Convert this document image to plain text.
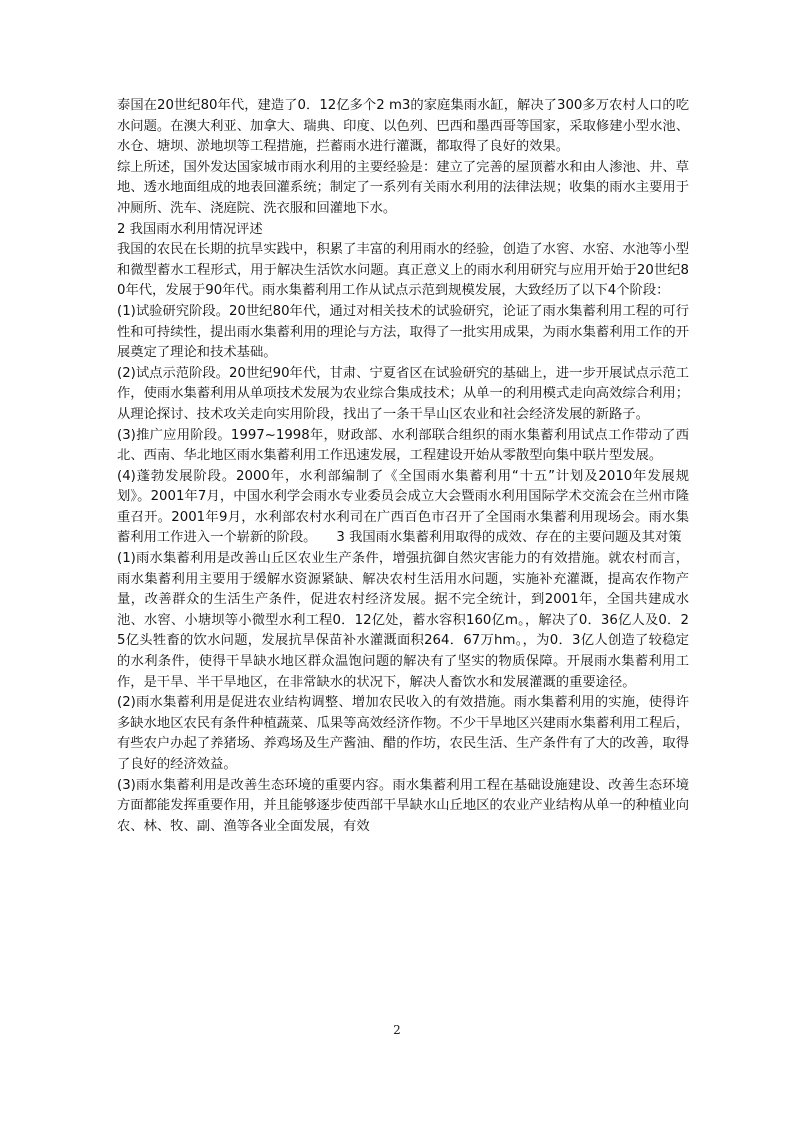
泰国在20世纪80年代，建造了0．12亿多个2 m3的家庭集雨水缸，解决了300多万农村人口的吃水问题。在澳大利亚、加拿大、瑞典、印度、以色列、巴西和墨西哥等国家，采取修建小型水池、水仓、塘坝、淤地坝等工程措施，拦蓄雨水进行灌溉，都取得了良好的效果。

综上所述，国外发达国家城市雨水利用的主要经验是：建立了完善的屋顶蓄水和由人渗池、井、草地、透水地面组成的地表回灌系统；制定了一系列有关雨水利用的法律法规；收集的雨水主要用于冲厕所、洗车、浇庭院、洗衣服和回灌地下水。

2 我国雨水利用情况评述

我国的农民在长期的抗旱实践中，积累了丰富的利用雨水的经验，创造了水窖、水窑、水池等小型和微型蓄水工程形式，用于解决生活饮水问题。真正意义上的雨水利用研究与应用开始于20世纪80年代，发展于90年代。雨水集蓄利用工作从试点示范到规模发展，大致经历了以下4个阶段：

(1)试验研究阶段。20世纪80年代，通过对相关技术的试验研究，论证了雨水集蓄利用工程的可行性和可持续性，提出雨水集蓄利用的理论与方法，取得了一批实用成果，为雨水集蓄利用工作的开展奠定了理论和技术基础。

(2)试点示范阶段。20世纪90年代，甘肃、宁夏省区在试验研究的基础上，进一步开展试点示范工作，使雨水集蓄利用从单项技术发展为农业综合集成技术；从单一的利用模式走向高效综合利用；从理论探讨、技术攻关走向实用阶段，找出了一条干旱山区农业和社会经济发展的新路子。

(3)推广应用阶段。1997~1998年，财政部、水利部联合组织的雨水集蓄利用试点工作带动了西北、西南、华北地区雨水集蓄利用工作迅速发展，工程建设开始从零散型向集中联片型发展。

(4)蓬勃发展阶段。2000年，水利部编制了《全国雨水集蓄利用“十五”计划及2010年发展规划》。2001年7月，中国水利学会雨水专业委员会成立大会暨雨水利用国际学术交流会在兰州市隆重召开。2001年9月，水利部农村水利司在广西百色市召开了全国雨水集蓄利用现场会。雨水集蓄利用工作进入一个崭新的阶段。　　3 我国雨水集蓄利用取得的成效、存在的主要问题及其对策

(1)雨水集蓄利用是改善山丘区农业生产条件，增强抗御自然灾害能力的有效措施。就农村而言，雨水集蓄利用主要用于缓解水资源紧缺、解决农村生活用水问题，实施补充灌溉，提高农作物产量，改善群众的生活生产条件，促进农村经济发展。据不完全统计，到2001年，全国共建成水池、水窖、小塘坝等小微型水利工程0．12亿处，蓄水容积160亿m。，解决了0．36亿人及0．25亿头牲畜的饮水问题，发展抗旱保苗补水灌溉面积264．67万hm。，为0．3亿人创造了较稳定的水利条件，使得干旱缺水地区群众温饱问题的解决有了坚实的物质保障。开展雨水集蓄利用工作，是干旱、半干旱地区，在非常缺水的状况下，解决人畜饮水和发展灌溉的重要途径。

(2)雨水集蓄利用是促进农业结构调整、增加农民收入的有效措施。雨水集蓄利用的实施，使得许多缺水地区农民有条件种植蔬菜、瓜果等高效经济作物。不少干旱地区兴建雨水集蓄利用工程后，有些农户办起了养猪场、养鸡场及生产酱油、醋的作坊，农民生活、生产条件有了大的改善，取得了良好的经济效益。

(3)雨水集蓄利用是改善生态环境的重要内容。雨水集蓄利用工程在基础设施建设、改善生态环境方面都能发挥重要作用，并且能够逐步使西部干旱缺水山丘地区的农业产业结构从单一的种植业向农、林、牧、副、渔等各业全面发展，有效

2
